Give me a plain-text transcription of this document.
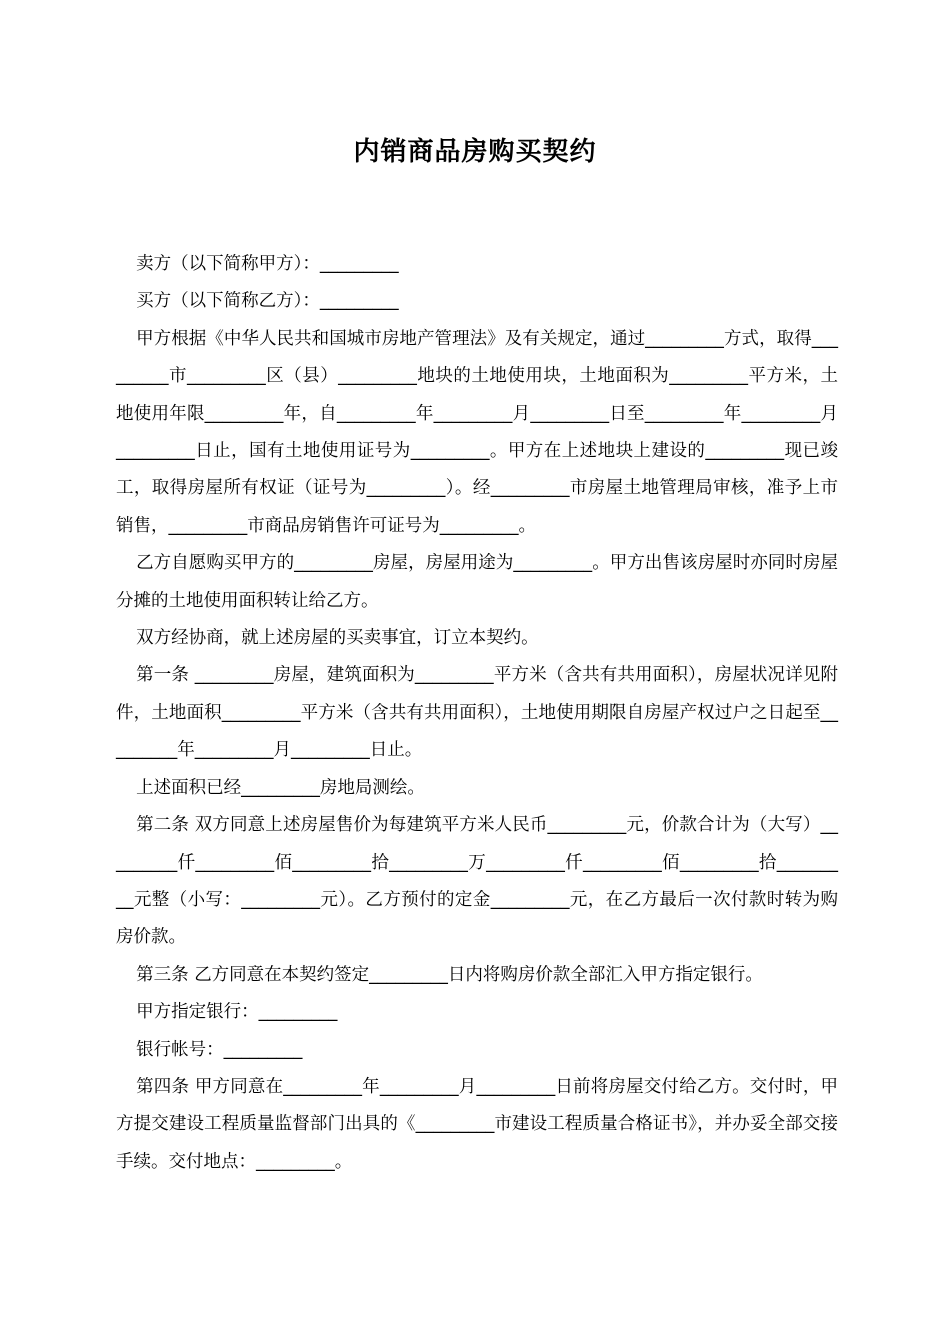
内销商品房购买契约

卖方（以下简称甲方）：_________

买方（以下简称乙方）：_________

甲方根据《中华人民共和国城市房地产管理法》及有关规定，通过_________方式，取得_________市_________区（县）_________地块的土地使用块，土地面积为_________平方米，土地使用年限_________年，自_________年_________月_________日至_________年_________月_________日止，国有土地使用证号为_________。甲方在上述地块上建设的_________现已竣工，取得房屋所有权证（证号为_________）。经_________市房屋土地管理局审核，准予上市销售，_________市商品房销售许可证号为_________。

乙方自愿购买甲方的_________房屋，房屋用途为_________。甲方出售该房屋时亦同时房屋分摊的土地使用面积转让给乙方。

双方经协商，就上述房屋的买卖事宜，订立本契约。

第一条 _________房屋，建筑面积为_________平方米（含共有共用面积），房屋状况详见附件，土地面积_________平方米（含共有共用面积），土地使用期限自房屋产权过户之日起至_________年_________月_________日止。

上述面积已经_________房地局测绘。

第二条 双方同意上述房屋售价为每建筑平方米人民币_________元，价款合计为（大写）_________仟_________佰_________拾_________万_________仟_________佰_________拾_________元整（小写：_________元）。乙方预付的定金_________元，在乙方最后一次付款时转为购房价款。

第三条 乙方同意在本契约签定_________日内将购房价款全部汇入甲方指定银行。

甲方指定银行：_________

银行帐号：_________

第四条 甲方同意在_________年_________月_________日前将房屋交付给乙方。交付时，甲方提交建设工程质量监督部门出具的《_________市建设工程质量合格证书》，并办妥全部交接手续。交付地点：_________。
